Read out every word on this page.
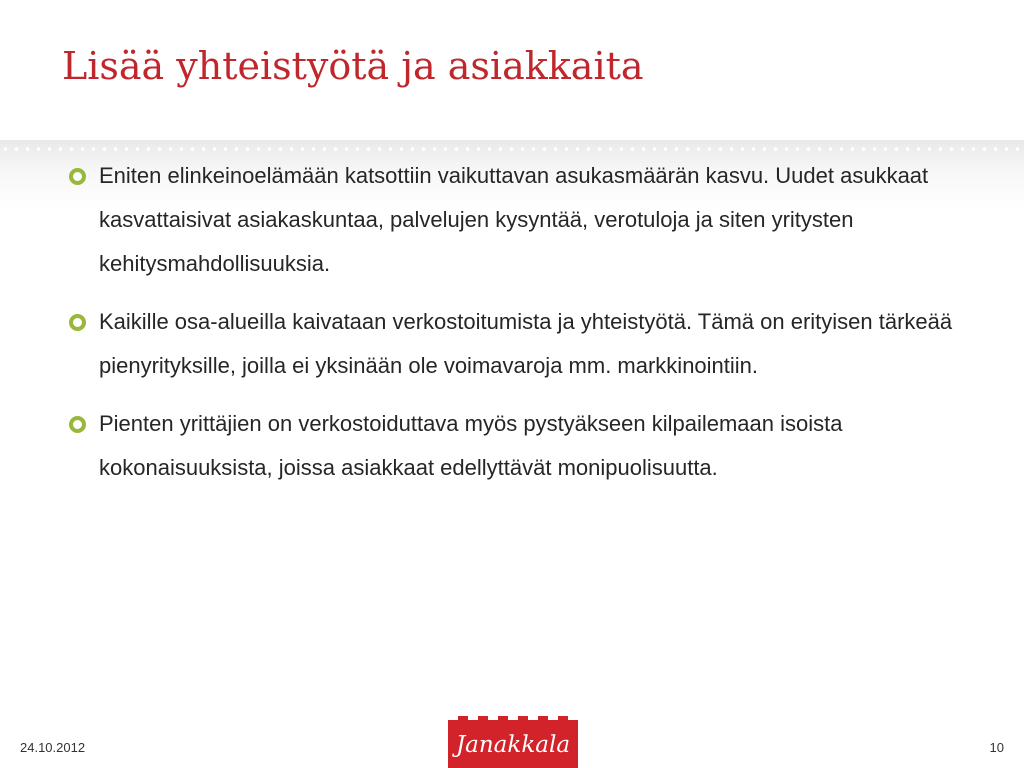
Lisää yhteistyötä ja asiakkaita
Eniten elinkeinoelämään katsottiin vaikuttavan asukasmäärän kasvu. Uudet asukkaat kasvattaisivat asiakaskuntaa, palvelujen kysyntää, verotuloja ja siten yritysten kehitysmahdollisuuksia.
Kaikille osa-alueilla kaivataan verkostoitumista ja yhteistyötä. Tämä on erityisen tärkeää pienyrityksille, joilla ei yksinään ole voimavaroja mm. markkinointiin.
Pienten yrittäjien on verkostoiduttava myös pystyäkseen kilpailemaan isoista kokonaisuuksista, joissa asiakkaat edellyttävät monipuolisuutta.
24.10.2012	Janakkala	10
